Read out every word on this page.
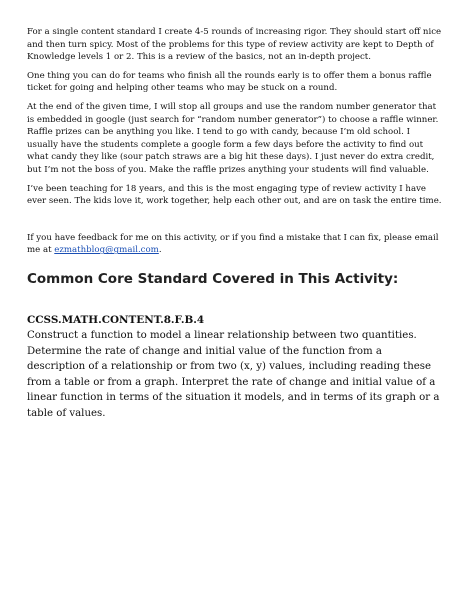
For a single content standard I create 4-5 rounds of increasing rigor. They should start off nice and then turn spicy. Most of the problems for this type of review activity are kept to Depth of Knowledge levels 1 or 2. This is a review of the basics, not an in-depth project.

One thing you can do for teams who finish all the rounds early is to offer them a bonus raffle ticket for going and helping other teams who may be stuck on a round.

At the end of the given time, I will stop all groups and use the random number generator that is embedded in google (just search for “random number generator”) to choose a raffle winner. Raffle prizes can be anything you like. I tend to go with candy, because I’m old school. I usually have the students complete a google form a few days before the activity to find out what candy they like (sour patch straws are a big hit these days). I just never do extra credit, but I’m not the boss of you. Make the raffle prizes anything your students will find valuable.

I’ve been teaching for 18 years, and this is the most engaging type of review activity I have ever seen. The kids love it, work together, help each other out, and are on task the entire time.

If you have feedback for me on this activity, or if you find a mistake that I can fix, please email me at ezmathblog@gmail.com.

Common Core Standard Covered in This Activity:

CCSS.MATH.CONTENT.8.F.B.4

Construct a function to model a linear relationship between two quantities. Determine the rate of change and initial value of the function from a description of a relationship or from two (x, y) values, including reading these from a table or from a graph. Interpret the rate of change and initial value of a linear function in terms of the situation it models, and in terms of its graph or a table of values.
